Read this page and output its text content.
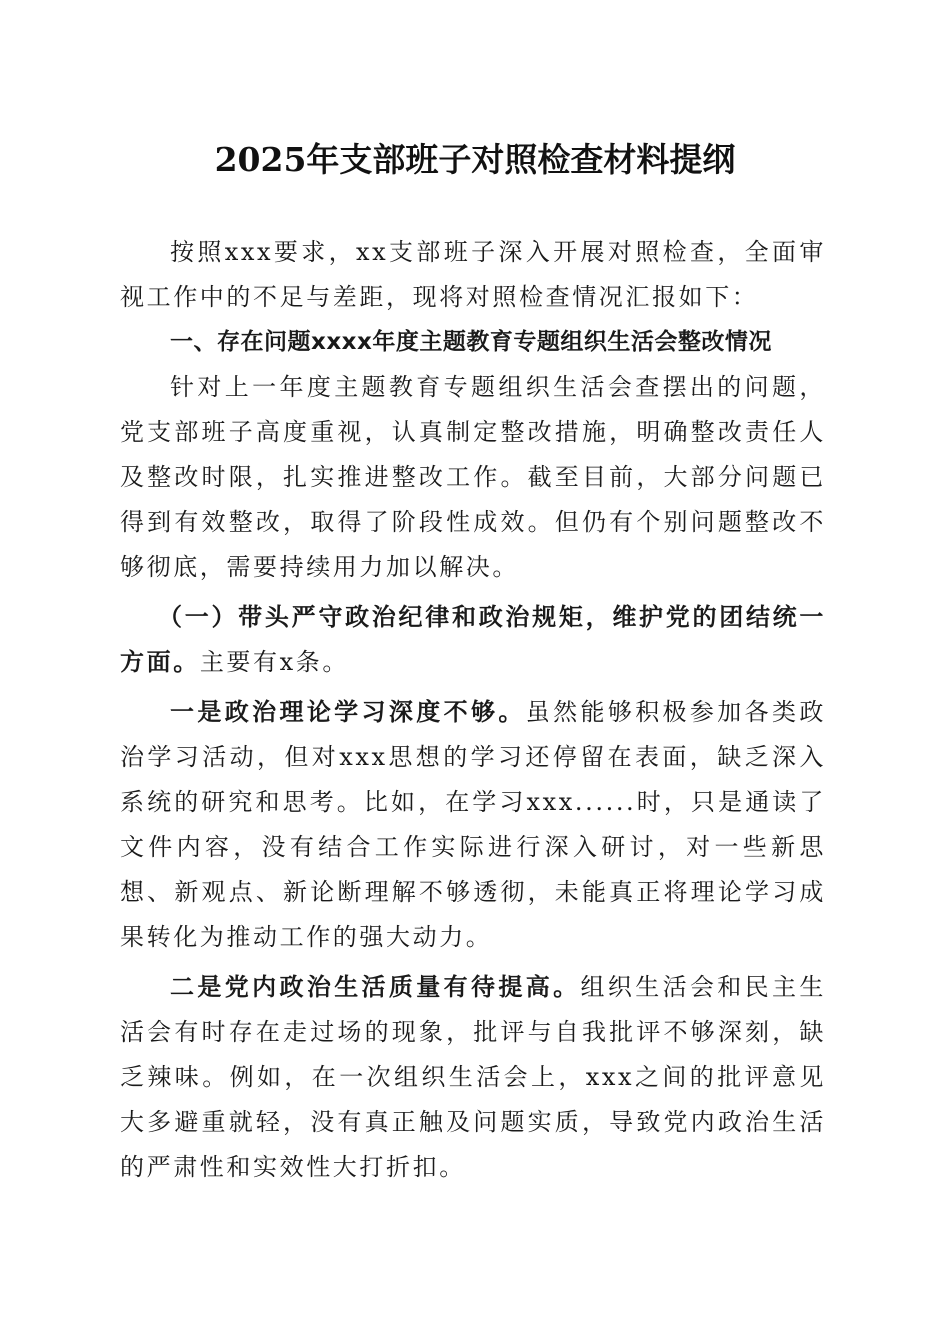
2025年支部班子对照检查材料提纲

按照xxx要求，xx支部班子深入开展对照检查，全面审视工作中的不足与差距，现将对照检查情况汇报如下：

一、存在问题xxxx年度主题教育专题组织生活会整改情况

针对上一年度主题教育专题组织生活会查摆出的问题，党支部班子高度重视，认真制定整改措施，明确整改责任人及整改时限，扎实推进整改工作。截至目前，大部分问题已得到有效整改，取得了阶段性成效。但仍有个别问题整改不够彻底，需要持续用力加以解决。

（一）带头严守政治纪律和政治规矩，维护党的团结统一方面。主要有x条。

一是政治理论学习深度不够。虽然能够积极参加各类政治学习活动，但对xxx思想的学习还停留在表面，缺乏深入系统的研究和思考。比如，在学习xxx......时，只是通读了文件内容，没有结合工作实际进行深入研讨，对一些新思想、新观点、新论断理解不够透彻，未能真正将理论学习成果转化为推动工作的强大动力。

二是党内政治生活质量有待提高。组织生活会和民主生活会有时存在走过场的现象，批评与自我批评不够深刻，缺乏辣味。例如，在一次组织生活会上，xxx之间的批评意见大多避重就轻，没有真正触及问题实质，导致党内政治生活的严肃性和实效性大打折扣。
